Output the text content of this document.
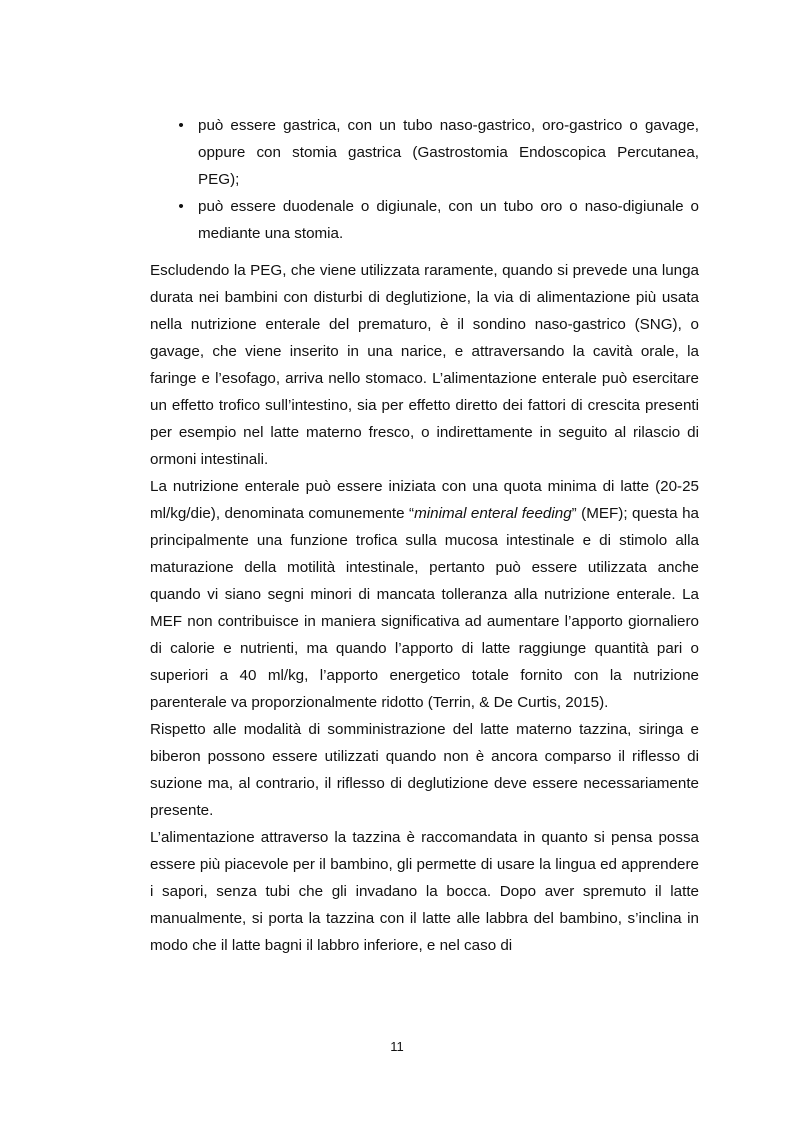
• può essere gastrica, con un tubo naso-gastrico, oro-gastrico o gavage, oppure con stomia gastrica (Gastrostomia Endoscopica Percutanea, PEG);
• può essere duodenale o digiunale, con un tubo oro o naso-digiunale o mediante una stomia.

Escludendo la PEG, che viene utilizzata raramente, quando si prevede una lunga durata nei bambini con disturbi di deglutizione, la via di alimentazione più usata nella nutrizione enterale del prematuro, è il sondino naso-gastrico (SNG), o gavage, che viene inserito in una narice, e attraversando la cavità orale, la faringe e l’esofago, arriva nello stomaco. L’alimentazione enterale può esercitare un effetto trofico sull’intestino, sia per effetto diretto dei fattori di crescita presenti per esempio nel latte materno fresco, o indirettamente in seguito al rilascio di ormoni intestinali.

La nutrizione enterale può essere iniziata con una quota minima di latte (20-25 ml/kg/die), denominata comunemente “minimal enteral feeding” (MEF); questa ha principalmente una funzione trofica sulla mucosa intestinale e di stimolo alla maturazione della motilità intestinale, pertanto può essere utilizzata anche quando vi siano segni minori di mancata tolleranza alla nutrizione enterale. La MEF non contribuisce in maniera significativa ad aumentare l’apporto giornaliero di calorie e nutrienti, ma quando l’apporto di latte raggiunge quantità pari o superiori a 40 ml/kg, l’apporto energetico totale fornito con la nutrizione parenterale va proporzionalmente ridotto (Terrin, & De Curtis, 2015).

Rispetto alle modalità di somministrazione del latte materno tazzina, siringa e biberon possono essere utilizzati quando non è ancora comparso il riflesso di suzione ma, al contrario, il riflesso di deglutizione deve essere necessariamente presente.

L’alimentazione attraverso la tazzina è raccomandata in quanto si pensa possa essere più piacevole per il bambino, gli permette di usare la lingua ed apprendere i sapori, senza tubi che gli invadano la bocca. Dopo aver spremuto il latte manualmente, si porta la tazzina con il latte alle labbra del bambino, s’inclina in modo che il latte bagni il labbro inferiore, e nel caso di

11
